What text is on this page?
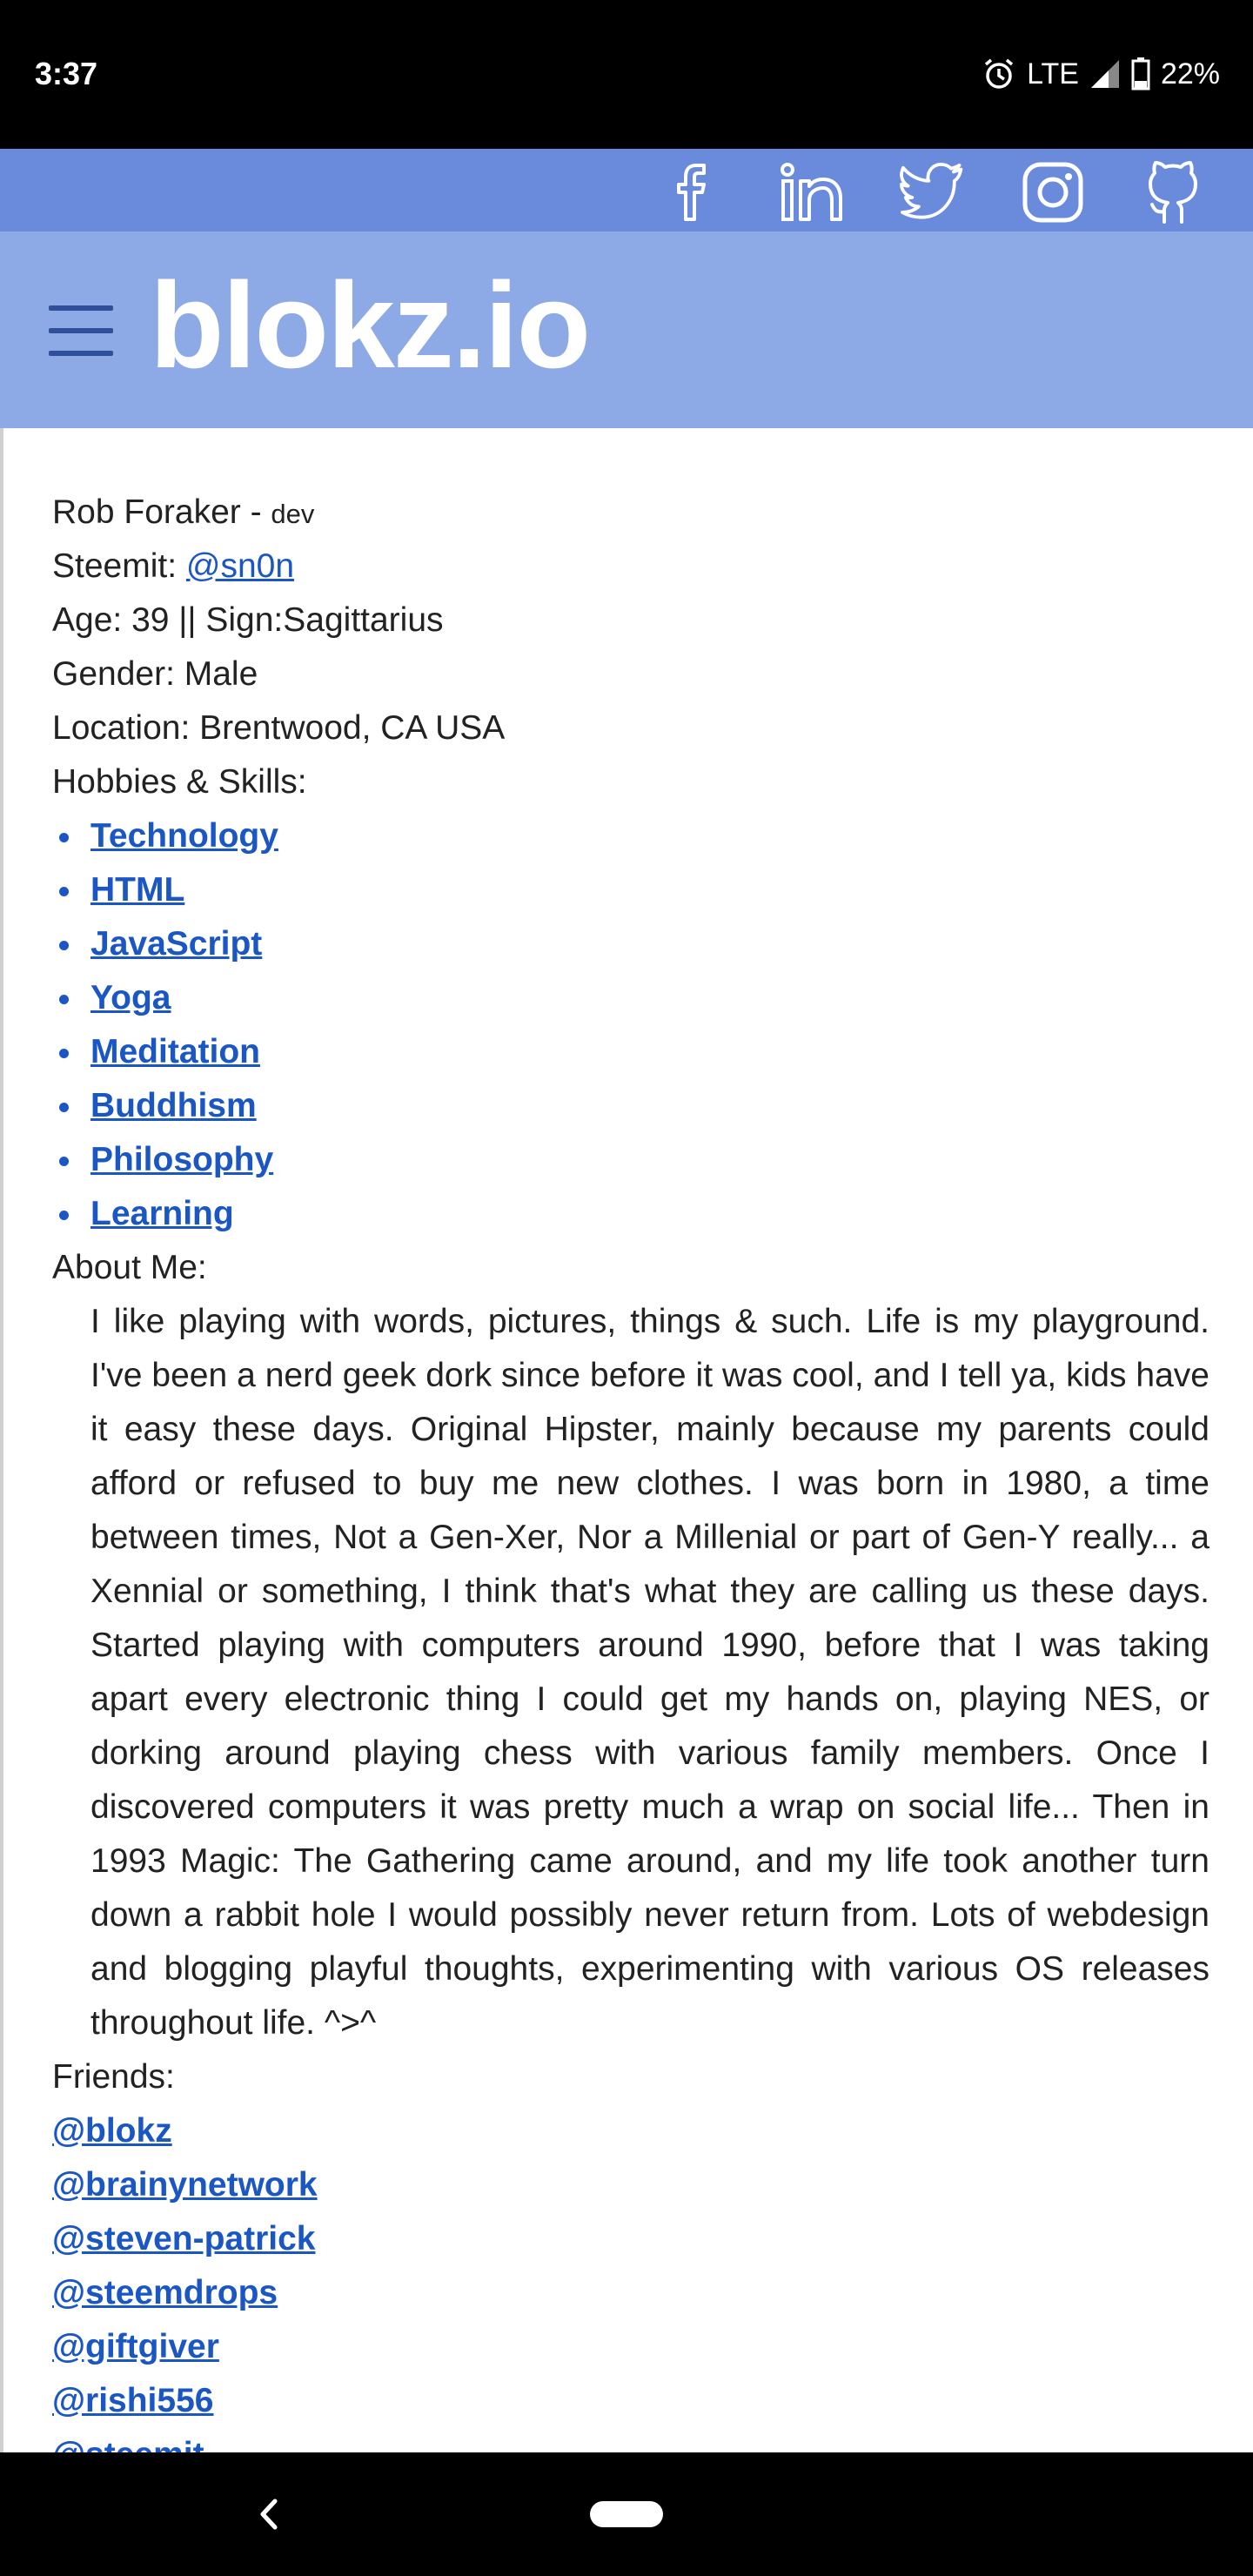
3:37	LTE	22%
blokz.io
Rob Foraker - dev
Steemit: @sn0n
Age: 39 || Sign:Sagittarius
Gender: Male
Location: Brentwood, CA USA
Hobbies & Skills:
Technology
HTML
JavaScript
Yoga
Meditation
Buddhism
Philosophy
Learning
About Me:
I like playing with words, pictures, things & such. Life is my playground. I've been a nerd geek dork since before it was cool, and I tell ya, kids have it easy these days. Original Hipster, mainly because my parents could afford or refused to buy me new clothes. I was born in 1980, a time between times, Not a Gen-Xer, Nor a Millenial or part of Gen-Y really... a Xennial or something, I think that's what they are calling us these days. Started playing with computers around 1990, before that I was taking apart every electronic thing I could get my hands on, playing NES, or dorking around playing chess with various family members. Once I discovered computers it was pretty much a wrap on social life... Then in 1993 Magic: The Gathering came around, and my life took another turn down a rabbit hole I would possibly never return from. Lots of webdesign and blogging playful thoughts, experimenting with various OS releases throughout life. ^>^
Friends:
@blokz
@brainynetwork
@steven-patrick
@steemdrops
@giftgiver
@rishi556
